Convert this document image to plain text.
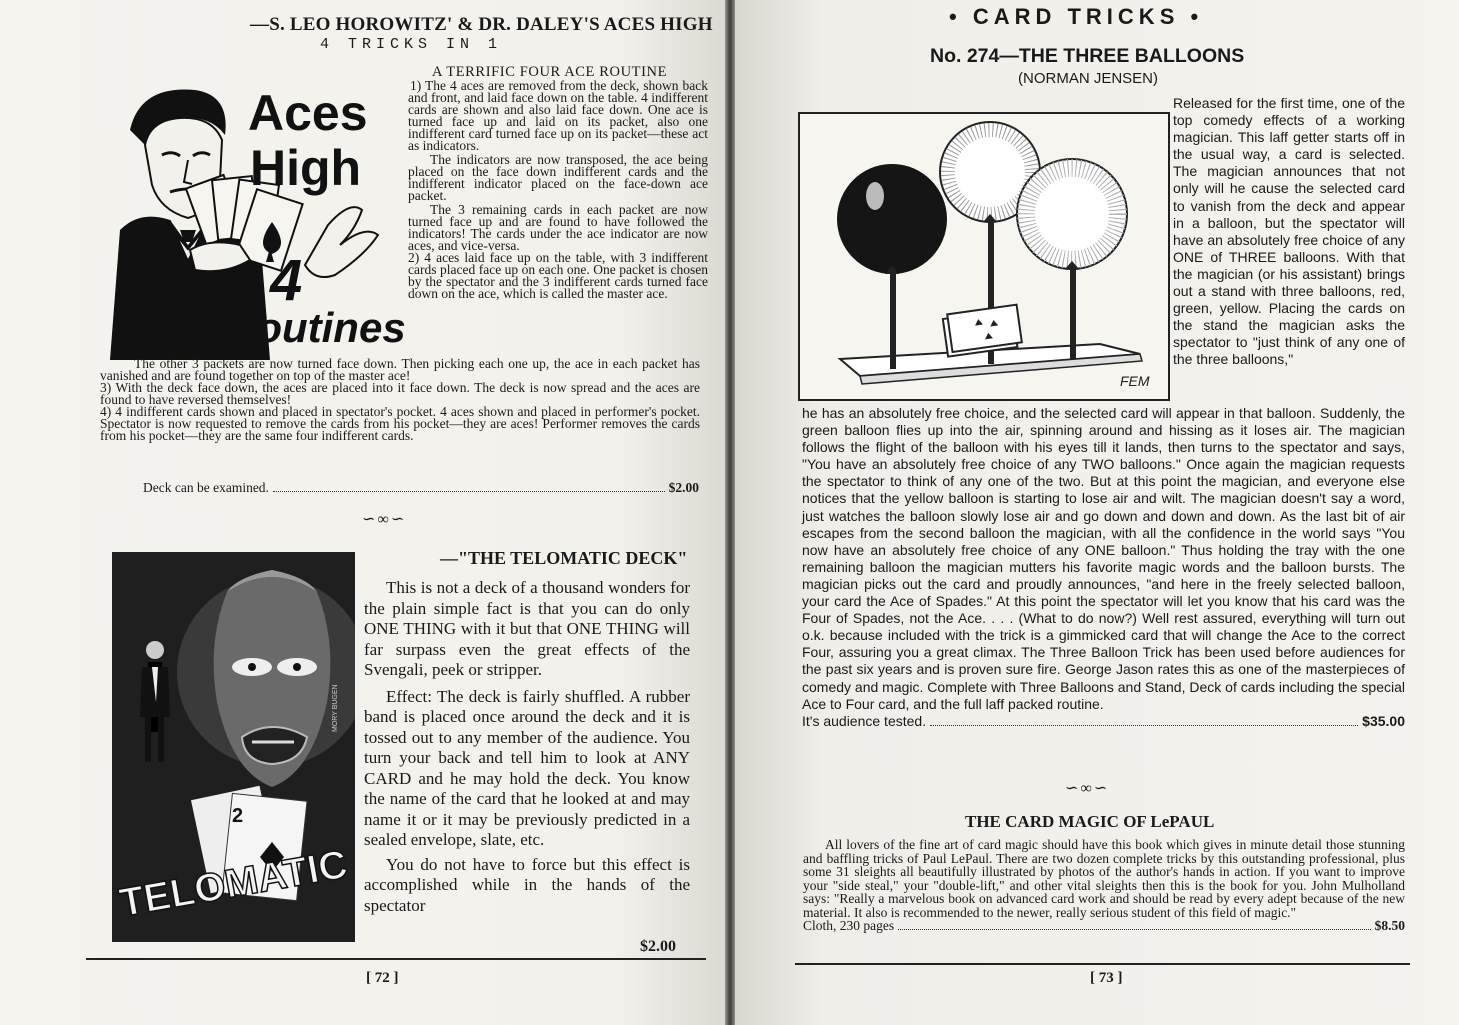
—S. LEO HOROWITZ' & DR. DALEY'S ACES HIGH
4 TRICKS IN 1
Aces
High
4
routines
HAHNE
A TERRIFIC FOUR ACE ROUTINE

1) The 4 aces are removed from the deck, shown back and front, and laid face down on the table. 4 indifferent cards are shown and also laid face down. One ace is turned face up and laid on its packet, also one indifferent card turned face up on its packet—these act as indicators.

The indicators are now transposed, the ace being placed on the face down indifferent cards and the indifferent indicator placed on the face-down ace packet.

The 3 remaining cards in each packet are now turned face up and are found to have followed the indicators! The cards under the ace indicator are now aces, and vice-versa.

2) 4 aces laid face up on the table, with 3 indifferent cards placed face up on each one. One packet is chosen by the spectator and the 3 indifferent cards turned face down on the ace, which is called the master ace.

The other 3 packets are now turned face down. Then picking each one up, the ace in each packet has vanished and are found together on top of the master ace!

3) With the deck face down, the aces are placed into it face down. The deck is now spread and the aces are found to have reversed themselves!

4) 4 indifferent cards shown and placed in spectator's pocket. 4 aces shown and placed in performer's pocket. Spectator is now requested to remove the cards from his pocket—they are aces! Performer removes the cards from his pocket—they are the same four indifferent cards.

Deck can be examined.	$2.00
∽∞∽
—"THE TELOMATIC DECK"
2
TELOMATIC
MORY BUGEN

This is not a deck of a thousand wonders for the plain simple fact is that you can do only ONE THING with it but that ONE THING will far surpass even the great effects of the Svengali, peek or stripper.

Effect: The deck is fairly shuffled. A rubber band is placed once around the deck and it is tossed out to any member of the audience. You turn your back and tell him to look at ANY CARD and he may hold the deck. You know the name of the card that he looked at and may name it or it may be previously predicted in a sealed envelope, slate, etc.

You do not have to force but this effect is accomplished while in the hands of the spectator
$2.00
[ 72 ]
• CARD TRICKS •
No. 274—THE THREE BALLOONS
(NORMAN JENSEN)
FEM
Released for the first time, one of the top comedy effects of a working magician. This laff getter starts off in the usual way, a card is selected. The magician announces that not only will he cause the selected card to vanish from the deck and appear in a balloon, but the spectator will have an absolutely free choice of any ONE of THREE balloons. With that the magician (or his assistant) brings out a stand with three balloons, red, green, yellow. Placing the cards on the stand the magician asks the spectator to "just think of any one of the three balloons,"

he has an absolutely free choice, and the selected card will appear in that balloon. Suddenly, the green balloon flies up into the air, spinning around and hissing as it loses air. The magician follows the flight of the balloon with his eyes till it lands, then turns to the spectator and says, "You have an absolutely free choice of any TWO balloons." Once again the magician requests the spectator to think of any one of the two. But at this point the magician, and everyone else notices that the yellow balloon is starting to lose air and wilt. The magician doesn't say a word, just watches the balloon slowly lose air and go down and down and down. As the last bit of air escapes from the second balloon the magician, with all the confidence in the world says "You now have an absolutely free choice of any ONE balloon." Thus holding the tray with the one remaining balloon the magician mutters his favorite magic words and the balloon bursts. The magician picks out the card and proudly announces, "and here in the freely selected balloon, your card the Ace of Spades." At this point the spectator will let you know that his card was the Four of Spades, not the Ace. . . . (What to do now?) Well rest assured, everything will turn out o.k. because included with the trick is a gimmicked card that will change the Ace to the correct Four, assuring you a great climax. The Three Balloon Trick has been used before audiences for the past six years and is proven sure fire. George Jason rates this as one of the masterpieces of comedy and magic. Complete with Three Balloons and Stand, Deck of cards including the special Ace to Four card, and the full laff packed routine.

It's audience tested.	$35.00
∽∞∽
THE CARD MAGIC OF LePAUL

All lovers of the fine art of card magic should have this book which gives in minute detail those stunning and baffling tricks of Paul LePaul. There are two dozen complete tricks by this outstanding professional, plus some 31 sleights all beautifully illustrated by photos of the author's hands in action. If you want to improve your "side steal," your "double-lift," and other vital sleights then this is the book for you. John Mulholland says: "Really a marvelous book on advanced card work and should be read by every adept because of the new material. It also is recommended to the newer, really serious student of this field of magic."

Cloth, 230 pages	$8.50
[ 73 ]
